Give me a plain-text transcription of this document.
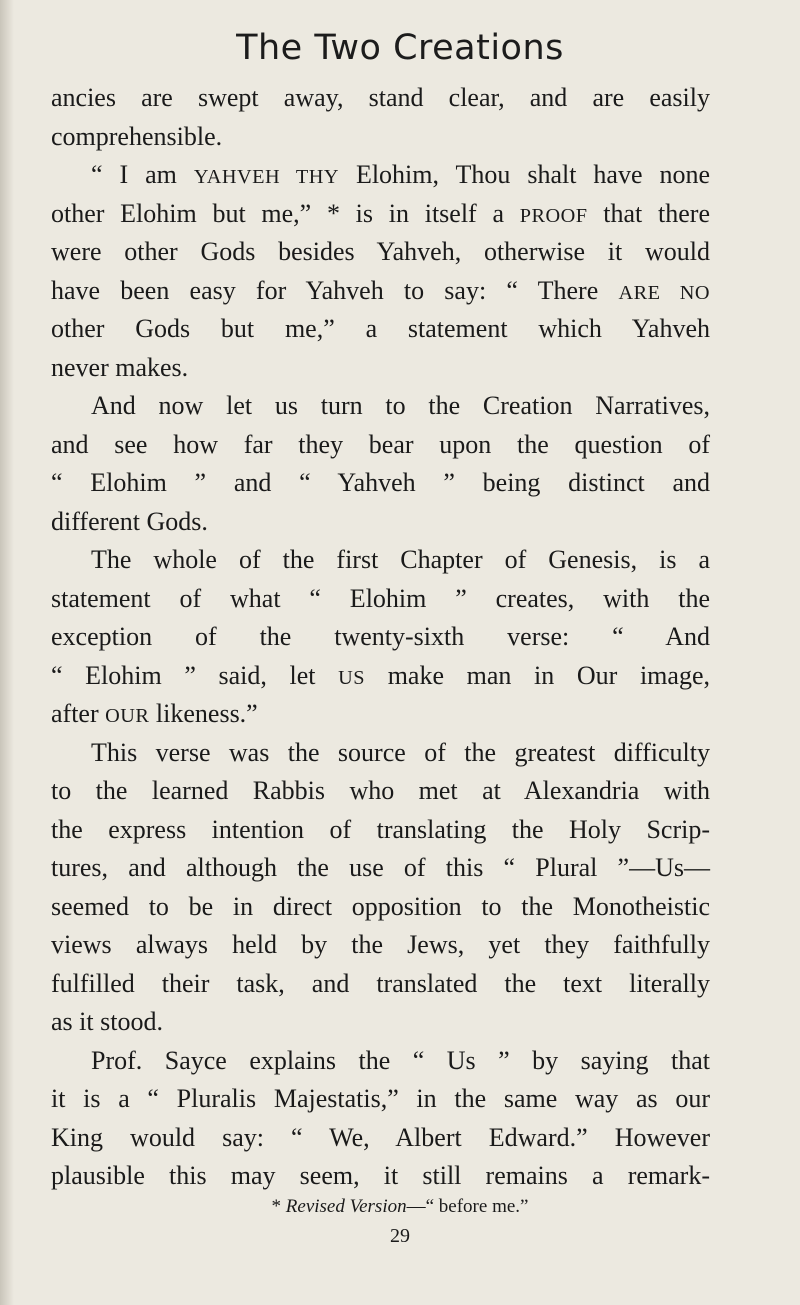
The Two Creations
ancies are swept away, stand clear, and are easily
comprehensible.
“ I am YAHVEH THY Elohim, Thou shalt have none
other Elohim but me,” * is in itself a PROOF that there
were other Gods besides Yahveh, otherwise it would
have been easy for Yahveh to say: “ There ARE NO
other Gods but me,” a statement which Yahveh
never makes.
And now let us turn to the Creation Narratives,
and see how far they bear upon the question of
“ Elohim ” and “ Yahveh ” being distinct and
different Gods.
The whole of the first Chapter of Genesis, is a
statement of what “ Elohim ” creates, with the
exception of the twenty-sixth verse: “ And
“ Elohim ” said, let US make man in Our image,
after OUR likeness.”
This verse was the source of the greatest difficulty
to the learned Rabbis who met at Alexandria with
the express intention of translating the Holy Scrip-
tures, and although the use of this “ Plural ”—Us—
seemed to be in direct opposition to the Monotheistic
views always held by the Jews, yet they faithfully
fulfilled their task, and translated the text literally
as it stood.
Prof. Sayce explains the “ Us ” by saying that
it is a “ Pluralis Majestatis,” in the same way as our
King would say: “ We, Albert Edward.” However
plausible this may seem, it still remains a remark-
* Revised Version—“ before me.”
29
